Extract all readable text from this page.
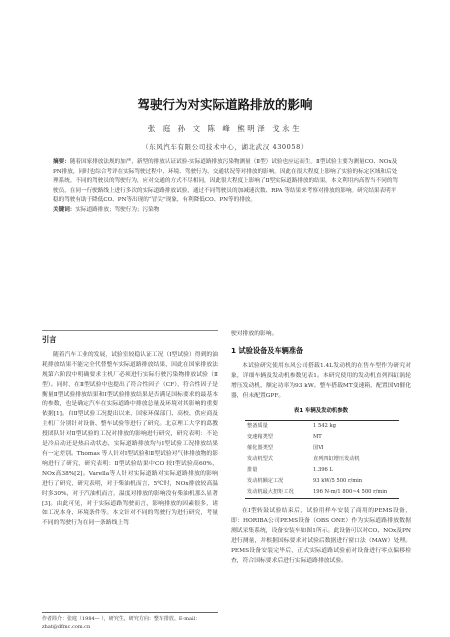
驾驶行为对实际道路排放的影响
张 庭 孙 文 陈 峰 熊明泽 戈永生
（东风汽车有限公司技术中心，湖北武汉 430058）
摘要：随着国家排放法规的加严，新型的排放认证试验-实际道路排放污染物测量（Ⅱ型）试验也应运而生。Ⅱ型试验主要为测量CO、NOx及PN排放，同时也综合考评在实际驾驶过程中，环境、驾驶行为、交通状况等对排放的影响。因此在很大程度上影响了实验的标定区域和后处理系统。不同的驾驶员的驾驶行为，应对交通的方式不尽相同，因此很大程度上影响了Ⅱ型实际道路排放的结果。本文利用内高智当不同的驾驶员，在同一行驶路线上进行多次的实际道路排放试验，通过不同驾驶员的加减速次数、RPA 等结果来考察对排放的影响。研究结果表明平稳的驾驶有助于降低CO、PN等出现的“冒尖”现象，有利降低CO、PN等的排放。
关键词：实际道路排放；驾驶行为；污染物
引言

随着汽车工业的发展，试验室较稳认证工况（Ⅰ型试验）得到的油耗排放结果不能完全代替整车实际道路排放结果，因此在国家排放法规第六阶段中明确要求主机厂必须进行实际行驶污染物排放试验（Ⅱ型）。同时，在Ⅱ型试验中也提出了符合性因子（CF），符合性因子是衡量Ⅱ型试验排放结果和Ⅰ型试验排放结果是否满足国标要求的最基本的参数，也是确定汽车在实际道路中排放总量及环境对其影响的重要依据[1]。自Ⅱ型试验工况提出以来，国家环保部门、高校、供应商及主机厂分别针对设备、整车试验等进行了研究。北京理工大学的葛教授团队针对Ⅱ型试验的工况对排放的影响进行研究，研究表明：不论是冷启动还是热启动状态，实际道路排放均与Ⅰ型试验工况排放结果有一定差别。Thomas 等人针对Ⅰ型试验和Ⅱ型试验对气体排放物的影响进行了研究，研究表明：Ⅱ型试验结果中CO 较Ⅰ型试验高60%，NOx高38%[2]。Varella等人针对实际道路对实际道路排放的影响进行了研究，研究表明，对于柴油机而言，5℃时，NOx排放较高温时多30%，对于汽油机而言，温度对排放的影响没有柴油机那么显著[3]。由此可见，对于实际道路驾驶而言，影响排放的因素很多，诸如工况本身、环境条件等。本文针对不同的驾驶行为进行研究，考量不同的驾驶行为在同一条路线上驾

驶对排放的影响。

1 试验设备及车辆准备

本试验研究使用东风公司搭载1.4L发动机的在售车型作为研究对象，详细车辆及发动机参数见表1。本研究使用的发动机直列四缸涡轮增压发动机，额定功率为93 kW。整车搭载MT变速箱，配置国Ⅵ催化器，但未配置GPF。

表1 车辆及发动机参数
整备质量	1 542 kg
变速箱类型	MT
催化器类型	国Ⅵ
发动机型式	直列四缸增压发动机
排量	1.396 L
发动机额定工况	93 kW/5 500 r/min
发动机最大扭矩工况	196 N·m/1 800~4 500 r/min

在Ⅰ型转鼓试验结束后，试验用样车安装了商用的PEMS设备，即：HORIBA公司PEMS设备（OBS ONE）作为实际道路排放数据测试采集系统，设备安装车如图1所示。此设备可以对CO、NOx及PN进行测量，并根据国标要求对试验后数据进行窗口法（MAW）处理。PEMS设备安装完毕后，正式实际道路试验前对设备进行零点偏移检查，符合国标要求后进行实际道路排放试验。

作者简介：张庭（1984— ），研究生，研究方向：整车排放。E-mail：zhat@dfmc.com.cn
